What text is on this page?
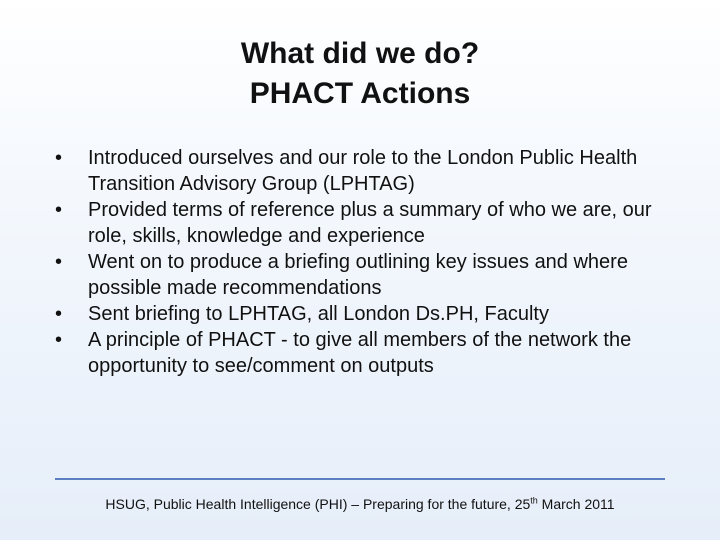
What did we do?
PHACT Actions
•	Introduced ourselves and our role to the London Public Health Transition Advisory Group (LPHTAG)
•	Provided terms of reference plus a summary of who we are, our role, skills, knowledge and experience
•	Went on to produce a briefing outlining key issues and where possible made recommendations
•	Sent briefing to LPHTAG, all London Ds.PH, Faculty
•	A principle of PHACT - to give all members of the network the opportunity to see/comment on outputs
HSUG, Public Health Intelligence (PHI) – Preparing for the future, 25th March 2011
